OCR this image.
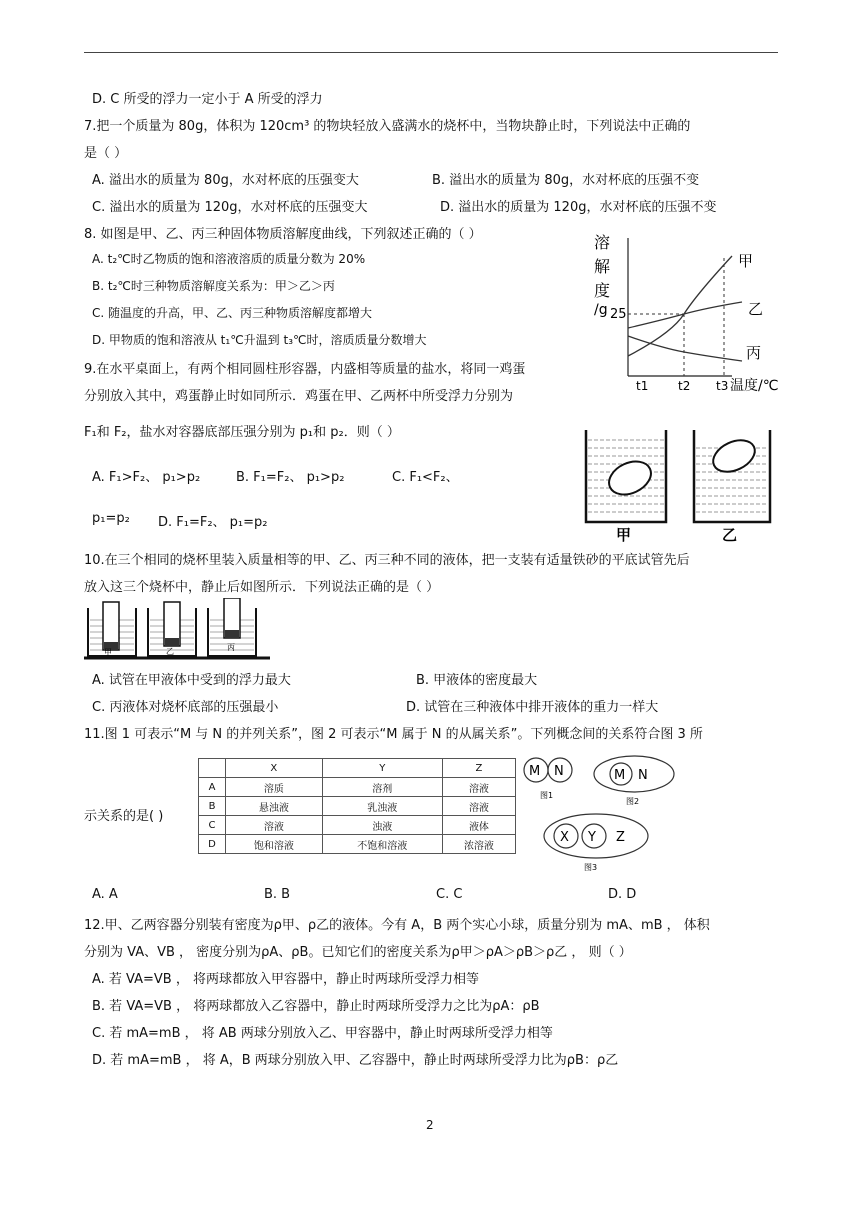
D. C 所受的浮力一定小于 A 所受的浮力
7.把一个质量为 80g，体积为 120cm³ 的物块轻放入盛满水的烧杯中，当物块静止时，下列说法中正确的
是（ ）
A. 溢出水的质量为 80g，水对杯底的压强变大	B. 溢出水的质量为 80g，水对杯底的压强不变
C. 溢出水的质量为 120g，水对杯底的压强变大	D. 溢出水的质量为 120g，水对杯底的压强不变
8. 如图是甲、乙、丙三种固体物质溶解度曲线，下列叙述正确的（ ）
A. t₂℃时乙物质的饱和溶液溶质的质量分数为 20%
B. t₂℃时三种物质溶解度关系为：甲＞乙＞丙
C. 随温度的升高，甲、乙、丙三种物质溶解度都增大
D. 甲物质的饱和溶液从 t₁℃升温到 t₃℃时，溶质质量分数增大
溶
解
度
/g 25
甲
乙
丙
t1 t2 t3 温度/℃
9.在水平桌面上，有两个相同圆柱形容器，内盛相等质量的盐水，将同一鸡蛋
分别放入其中，鸡蛋静止时如同所示．鸡蛋在甲、乙两杯中所受浮力分别为
F₁和 F₂，盐水对容器底部压强分别为 p₁和 p₂．则（ ）
A. F₁>F₂、 p₁>p₂	B. F₁=F₂、 p₁>p₂	C. F₁<F₂、
p₁=p₂ D. F₁=F₂、 p₁=p₂
甲	乙
10.在三个相同的烧杯里装入质量相等的甲、乙、丙三种不同的液体，把一支装有适量铁砂的平底试管先后
放入这三个烧杯中，静止后如图所示．下列说法正确的是（ ）
甲	乙	丙
A. 试管在甲液体中受到的浮力最大	B. 甲液体的密度最大
C. 丙液体对烧杯底部的压强最小	D. 试管在三种液体中排开液体的重力一样大
11.图 1 可表示“M 与 N 的并列关系”，图 2 可表示“M 属于 N 的从属关系”。下列概念间的关系符合图 3 所
示关系的是( )
	X	Y	Z
A	溶质	溶剂	溶液
B	悬浊液	乳浊液	溶液
C	溶液	浊液	液体
D	饱和溶液	不饱和溶液	浓溶液
M N
图1
M N
图2
X Y Z
图3
A. A	B. B	C. C	D. D
12.甲、乙两容器分别装有密度为ρ甲、ρ乙的液体。今有 A，B 两个实心小球，质量分别为 mA、mB ， 体积
分别为 VA、VB ， 密度分别为ρA、ρB。已知它们的密度关系为ρ甲＞ρA＞ρB＞ρ乙 ， 则（ ）
A. 若 VA=VB ， 将两球都放入甲容器中，静止时两球所受浮力相等
B. 若 VA=VB ， 将两球都放入乙容器中，静止时两球所受浮力之比为ρA：ρB
C. 若 mA=mB ， 将 AB 两球分别放入乙、甲容器中，静止时两球所受浮力相等
D. 若 mA=mB ， 将 A，B 两球分别放入甲、乙容器中，静止时两球所受浮力比为ρB：ρ乙
2
